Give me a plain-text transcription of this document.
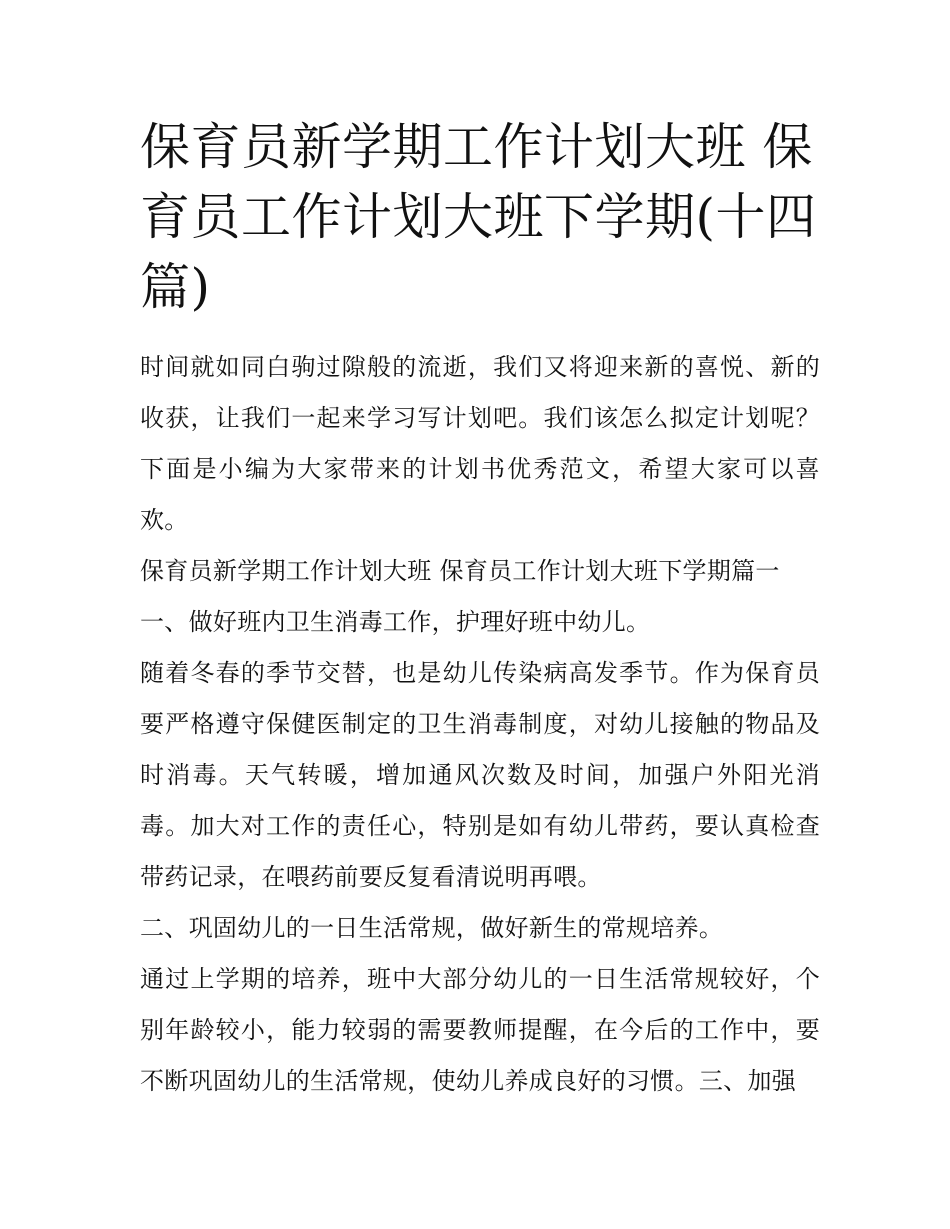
保育员新学期工作计划大班 保育员工作计划大班下学期(十四篇)

时间就如同白驹过隙般的流逝，我们又将迎来新的喜悦、新的收获，让我们一起来学习写计划吧。我们该怎么拟定计划呢？下面是小编为大家带来的计划书优秀范文，希望大家可以喜欢。

保育员新学期工作计划大班 保育员工作计划大班下学期篇一

一、做好班内卫生消毒工作，护理好班中幼儿。

随着冬春的季节交替，也是幼儿传染病高发季节。作为保育员要严格遵守保健医制定的卫生消毒制度，对幼儿接触的物品及时消毒。天气转暖，增加通风次数及时间，加强户外阳光消毒。加大对工作的责任心，特别是如有幼儿带药，要认真检查带药记录，在喂药前要反复看清说明再喂。

二、巩固幼儿的一日生活常规，做好新生的常规培养。

通过上学期的培养，班中大部分幼儿的一日生活常规较好，个别年龄较小，能力较弱的需要教师提醒，在今后的工作中，要不断巩固幼儿的生活常规，使幼儿养成良好的习惯。三、加强
